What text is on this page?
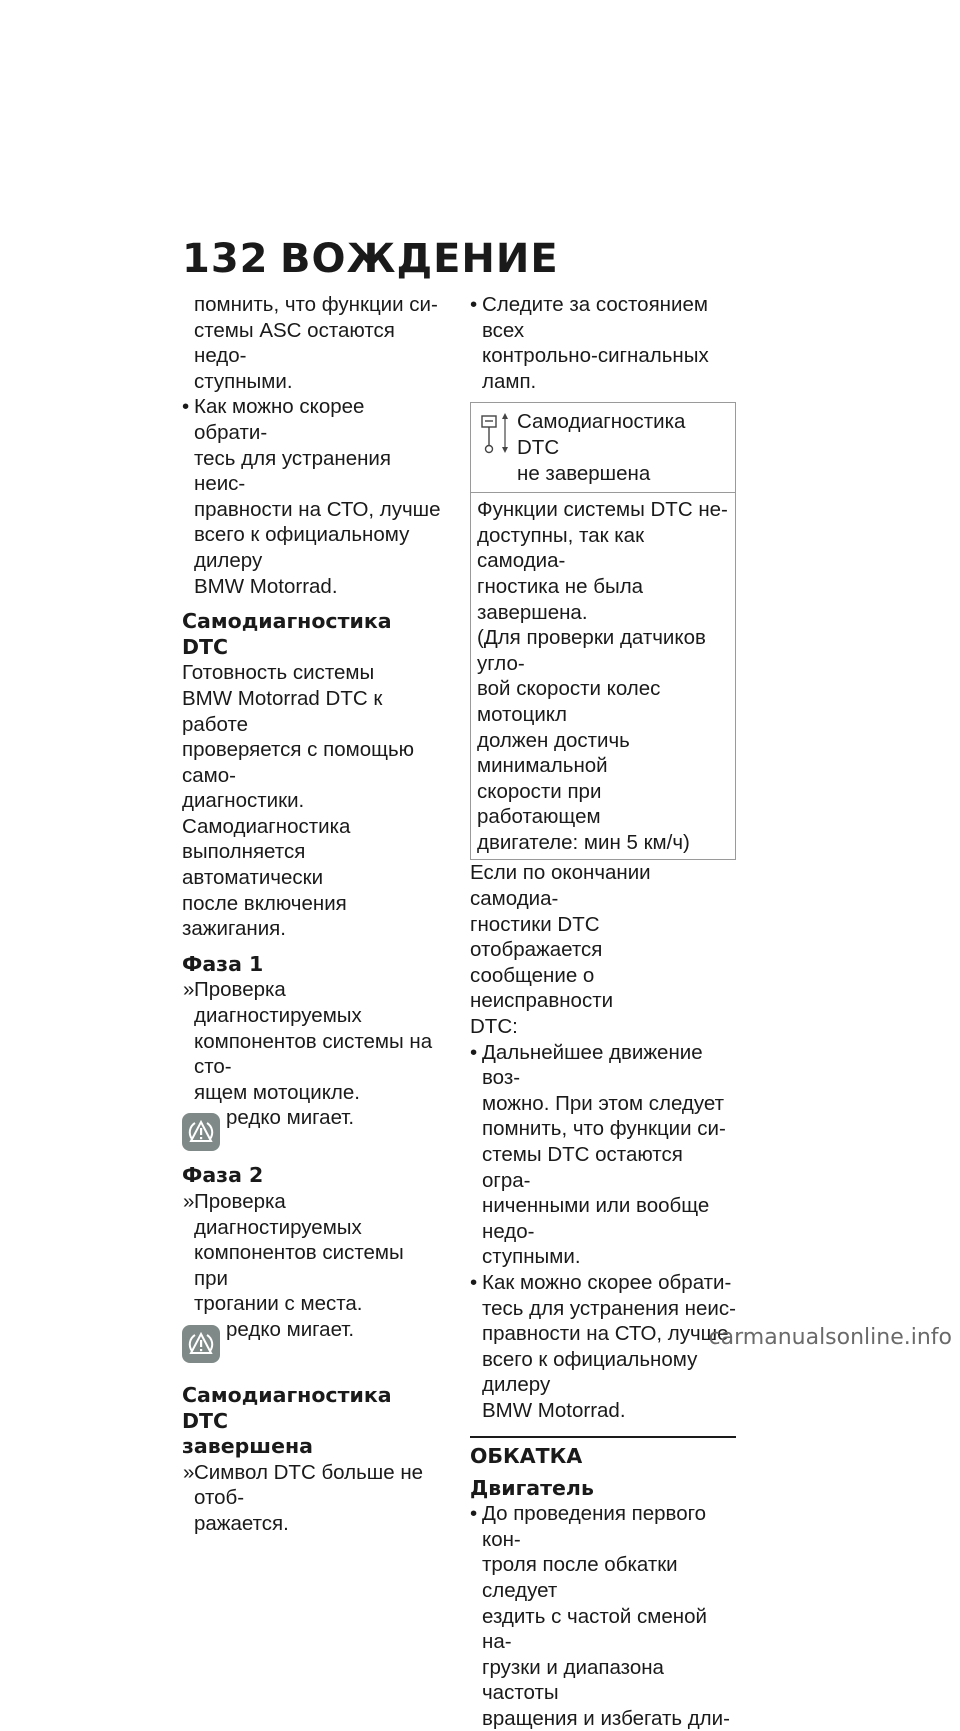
132 ВОЖДЕНИЕ

помнить, что функции си-

стемы ASC остаются недо-

ступными.

• Как можно скорее обрати-

тесь для устранения неис-

правности на СТО, лучше

всего к официальному дилеру

BMW Motorrad.

Самодиагностика DTC

Готовность системы

BMW Motorrad DTC к работе

проверяется с помощью само-

диагностики. Самодиагностика

выполняется автоматически

после включения зажигания.

Фаза 1
» Проверка диагностируемых

компонентов системы на сто-

ящем мотоцикле.

редко мигает.

Фаза 2
» Проверка диагностируемых

компонентов системы при

трогании с места.

редко мигает.

Самодиагностика DTC
завершена
» Символ DTC больше не отоб-

ражается.

• Следите за состоянием всех

контрольно-сигнальных ламп.

Самодиагностика DTC

не завершена

Функции системы DTC не-

доступны, так как самодиа-

гностика не была завершена.

(Для проверки датчиков угло-

вой скорости колес мотоцикл

должен достичь минимальной

скорости при работающем

двигателе: мин 5 км/ч)

Если по окончании самодиа-

гностики DTC отображается

сообщение о неисправности

DTC:

• Дальнейшее движение воз-

можно. При этом следует

помнить, что функции си-

стемы DTC остаются огра-

ниченными или вообще недо-

ступными.

• Как можно скорее обрати-

тесь для устранения неис-

правности на СТО, лучше

всего к официальному дилеру

BMW Motorrad.

ОБКАТКА
Двигатель
• До проведения первого кон-

троля после обкатки следует

ездить с частой сменой на-

грузки и диапазона частоты

вращения и избегать дли-

carmanualsonline.info
